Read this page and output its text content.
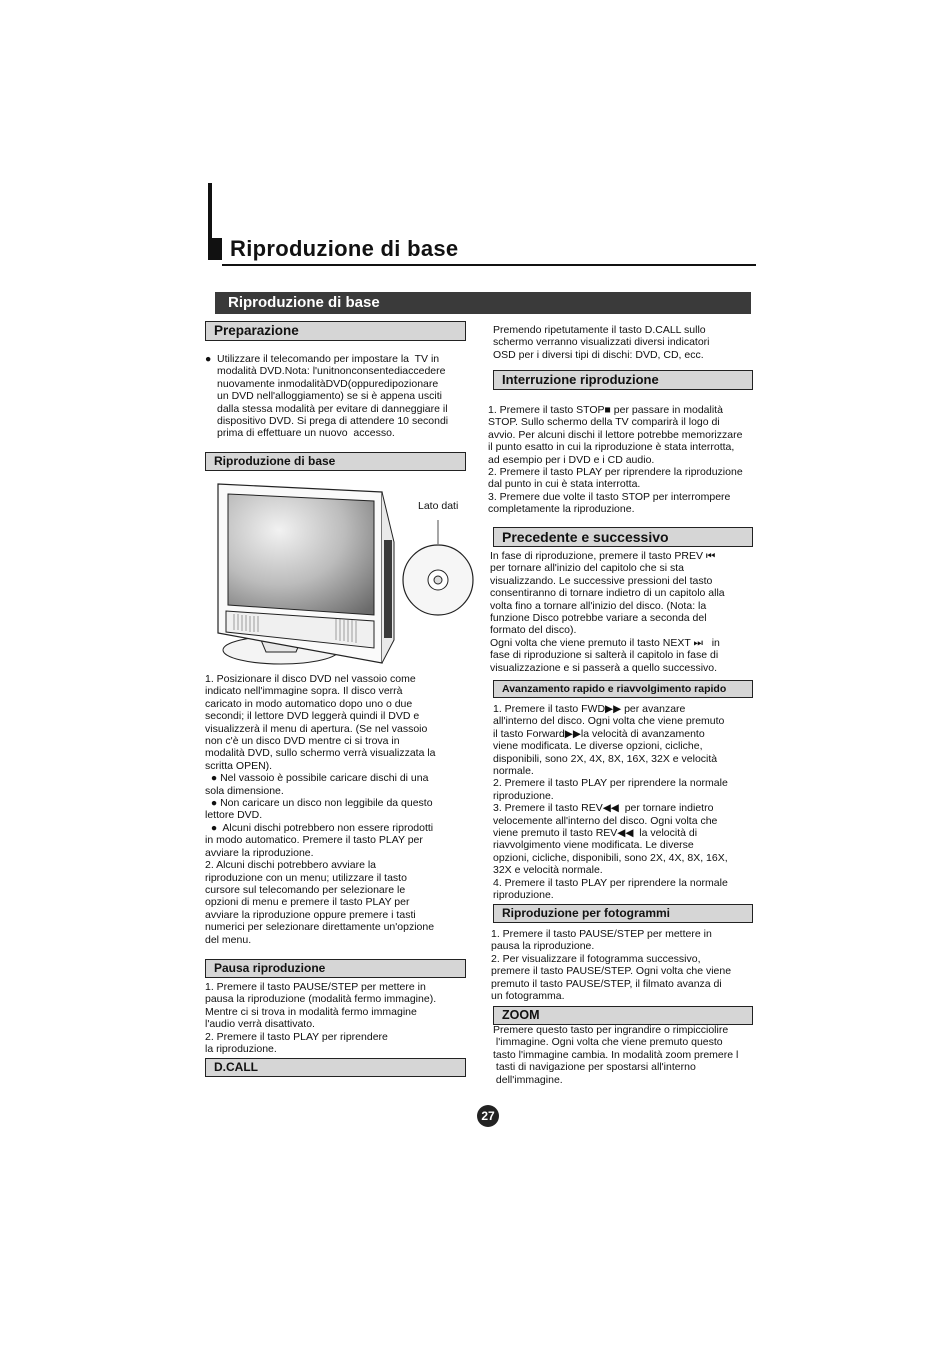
Riproduzione di base
Riproduzione di base
Preparazione
● Utilizzare il telecomando per impostare la  TV in
modalità DVD.Nota: l'unitnonconsentediaccedere
nuovamente inmodalitàDVD(oppuredipozionare
un DVD nell'alloggiamento) se si è appena usciti
dalla stessa modalità per evitare di danneggiare il
dispositivo DVD. Si prega di attendere 10 secondi
prima di effettuare un nuovo  accesso.
Riproduzione di base
Lato dati
1. Posizionare il disco DVD nel vassoio come
indicato nell'immagine sopra. Il disco verrà
caricato in modo automatico dopo uno o due
secondi; il lettore DVD leggerà quindi il DVD e
visualizzerà il menu di apertura. (Se nel vassoio
non c'è un disco DVD mentre ci si trova in
modalità DVD, sullo schermo verrà visualizzata la
scritta OPEN).
● Nel vassoio è possibile caricare dischi di una
sola dimensione.
● Non caricare un disco non leggibile da questo
lettore DVD.
●  Alcuni dischi potrebbero non essere riprodotti
in modo automatico. Premere il tasto PLAY per
avviare la riproduzione.
2. Alcuni dischi potrebbero avviare la
riproduzione con un menu; utilizzare il tasto
cursore sul telecomando per selezionare le
opzioni di menu e premere il tasto PLAY per
avviare la riproduzione oppure premere i tasti
numerici per selezionare direttamente un'opzione
del menu.
Pausa riproduzione
1. Premere il tasto PAUSE/STEP per mettere in
pausa la riproduzione (modalità fermo immagine).
Mentre ci si trova in modalità fermo immagine
l'audio verrà disattivato.
2. Premere il tasto PLAY per riprendere
la riproduzione.
D.CALL
Premendo ripetutamente il tasto D.CALL sullo
schermo verranno visualizzati diversi indicatori
OSD per i diversi tipi di dischi: DVD, CD, ecc.
Interruzione riproduzione
1. Premere il tasto STOP■ per passare in modalità
STOP. Sullo schermo della TV comparirà il logo di
avvio. Per alcuni dischi il lettore potrebbe memorizzare
il punto esatto in cui la riproduzione è stata interrotta,
ad esempio per i DVD e i CD audio.
2. Premere il tasto PLAY per riprendere la riproduzione
dal punto in cui è stata interrotta.
3. Premere due volte il tasto STOP per interrompere
completamente la riproduzione.
Precedente e successivo
In fase di riproduzione, premere il tasto PREV ⏮
per tornare all'inizio del capitolo che si sta
visualizzando. Le successive pressioni del tasto
consentiranno di tornare indietro di un capitolo alla
volta fino a tornare all'inizio del disco. (Nota: la
funzione Disco potrebbe variare a seconda del
formato del disco).
Ogni volta che viene premuto il tasto NEXT ⏭   in
fase di riproduzione si salterà il capitolo in fase di
visualizzazione e si passerà a quello successivo.
Avanzamento rapido e riavvolgimento rapido
1. Premere il tasto FWD▶▶ per avanzare
all'interno del disco. Ogni volta che viene premuto
il tasto Forward▶▶la velocità di avanzamento
viene modificata. Le diverse opzioni, cicliche,
disponibili, sono 2X, 4X, 8X, 16X, 32X e velocità
normale.
2. Premere il tasto PLAY per riprendere la normale
riproduzione.
3. Premere il tasto REV◀◀  per tornare indietro
velocemente all'interno del disco. Ogni volta che
viene premuto il tasto REV◀◀  la velocità di
riavvolgimento viene modificata. Le diverse
opzioni, cicliche, disponibili, sono 2X, 4X, 8X, 16X,
32X e velocità normale.
4. Premere il tasto PLAY per riprendere la normale
riproduzione.
Riproduzione per fotogrammi
1. Premere il tasto PAUSE/STEP per mettere in
pausa la riproduzione.
2. Per visualizzare il fotogramma successivo,
premere il tasto PAUSE/STEP. Ogni volta che viene
premuto il tasto PAUSE/STEP, il filmato avanza di
un fotogramma.
ZOOM
Premere questo tasto per ingrandire o rimpicciolire
l'immagine. Ogni volta che viene premuto questo
tasto l'immagine cambia. In modalità zoom premere l
tasti di navigazione per spostarsi all'interno
dell'immagine.
27
